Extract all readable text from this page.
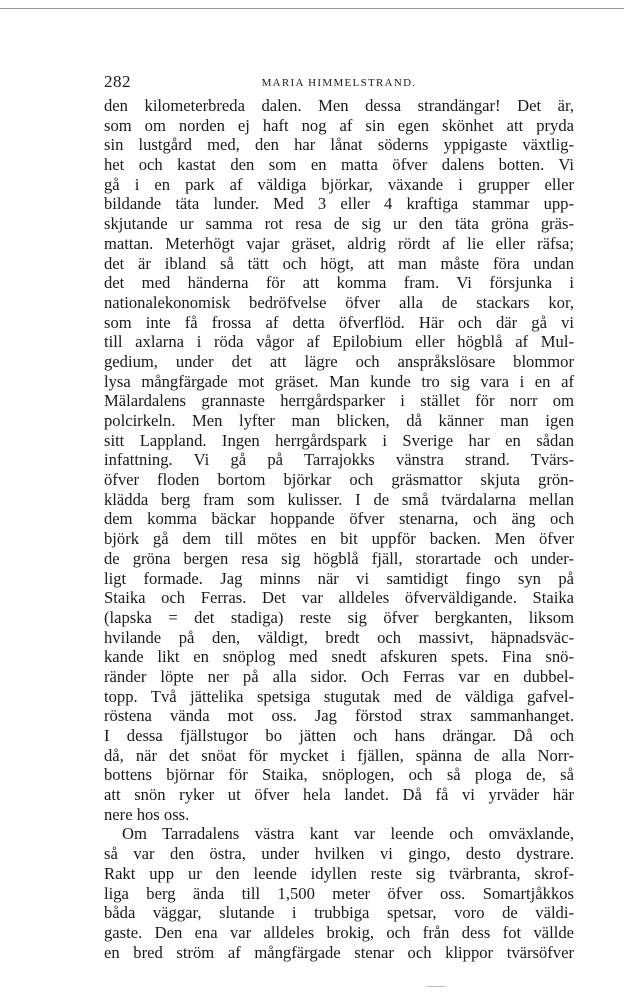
282	MARIA HIMMELSTRAND.
den kilometerbreda dalen. Men dessa strandängar! Det är,
som om norden ej haft nog af sin egen skönhet att pryda
sin lustgård med, den har lånat söderns yppigaste växtlig-
het och kastat den som en matta öfver dalens botten. Vi
gå i en park af väldiga björkar, växande i grupper eller
bildande täta lunder. Med 3 eller 4 kraftiga stammar upp-
skjutande ur samma rot resa de sig ur den täta gröna gräs-
mattan. Meterhögt vajar gräset, aldrig rördt af lie eller räfsa;
det är ibland så tätt och högt, att man måste föra undan
det med händerna för att komma fram. Vi försjunka i
nationalekonomisk bedröfvelse öfver alla de stackars kor,
som inte få frossa af detta öfverflöd. Här och där gå vi
till axlarna i röda vågor af Epilobium eller högblå af Mul-
gedium, under det att lägre och anspråkslösare blommor
lysa mångfärgade mot gräset. Man kunde tro sig vara i en af
Mälardalens grannaste herrgårdsparker i stället för norr om
polcirkeln. Men lyfter man blicken, då känner man igen
sitt Lappland. Ingen herrgårdspark i Sverige har en sådan
infattning. Vi gå på Tarrajokks vänstra strand. Tvärs-
öfver floden bortom björkar och gräsmattor skjuta grön-
klädda berg fram som kulisser. I de små tvärdalarna mellan
dem komma bäckar hoppande öfver stenarna, och äng och
björk gå dem till mötes en bit uppför backen. Men öfver
de gröna bergen resa sig högblå fjäll, storartade och under-
ligt formade. Jag minns när vi samtidigt fingo syn på
Staika och Ferras. Det var alldeles öfverväldigande. Staika
(lapska = det stadiga) reste sig öfver bergkanten, liksom
hvilande på den, väldigt, bredt och massivt, häpnadsväc-
kande likt en snöplog med snedt afskuren spets. Fina snö-
ränder löpte ner på alla sidor. Och Ferras var en dubbel-
topp. Två jättelika spetsiga stugutak med de väldiga gafvel-
röstena vända mot oss. Jag förstod strax sammanhanget.
I dessa fjällstugor bo jätten och hans drängar. Då och
då, när det snöat för mycket i fjällen, spänna de alla Norr-
bottens björnar för Staika, snöplogen, och så ploga de, så
att snön ryker ut öfver hela landet. Då få vi yrväder här
nere hos oss.
Om Tarradalens västra kant var leende och omväxlande,
så var den östra, under hvilken vi gingo, desto dystrare.
Rakt upp ur den leende idyllen reste sig tvärbranta, skrof-
liga berg ända till 1,500 meter öfver oss. Somartjåkkos
båda väggar, slutande i trubbiga spetsar, voro de väldi-
gaste. Den ena var alldeles brokig, och från dess fot vällde
en bred ström af mångfärgade stenar och klippor tvärsöfver
